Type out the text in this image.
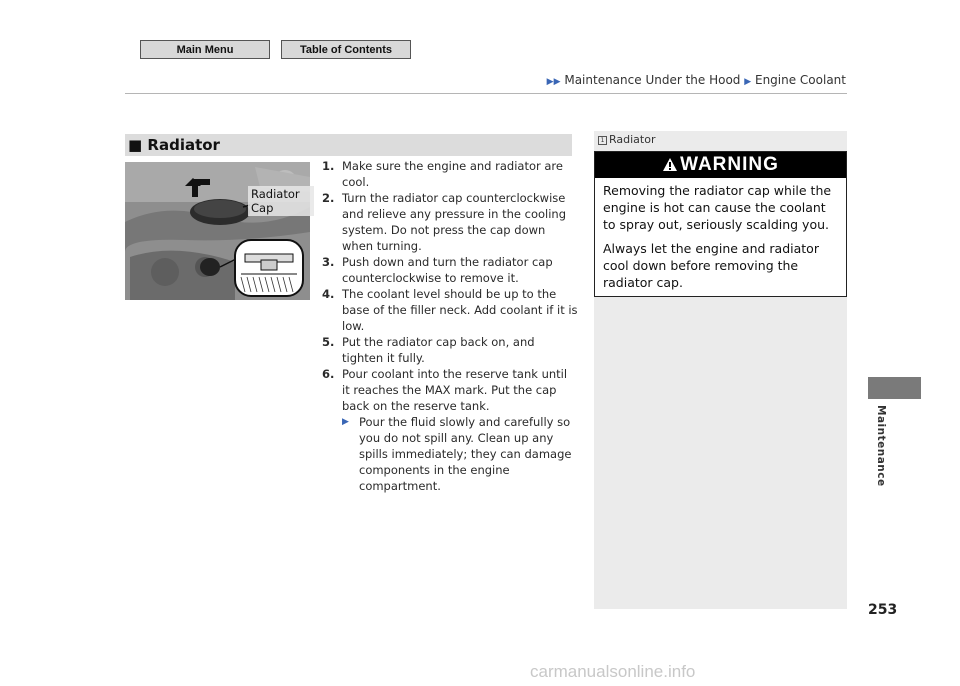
Main Menu	Table of Contents
▶▶ Maintenance Under the Hood ▶ Engine Coolant
■ Radiator
Radiator Cap
1. Make sure the engine and radiator are cool.
2. Turn the radiator cap counterclockwise and relieve any pressure in the cooling system. Do not press the cap down when turning.
3. Push down and turn the radiator cap counterclockwise to remove it.
4. The coolant level should be up to the base of the filler neck. Add coolant if it is low.
5. Put the radiator cap back on, and tighten it fully.
6. Pour coolant into the reserve tank until it reaches the MAX mark. Put the cap back on the reserve tank.
▶ Pour the fluid slowly and carefully so you do not spill any. Clean up any spills immediately; they can damage components in the engine compartment.
1 Radiator
WARNING

Removing the radiator cap while the engine is hot can cause the coolant to spray out, seriously scalding you.

Always let the engine and radiator cool down before removing the radiator cap.

Maintenance
253
carmanualsonline.info
